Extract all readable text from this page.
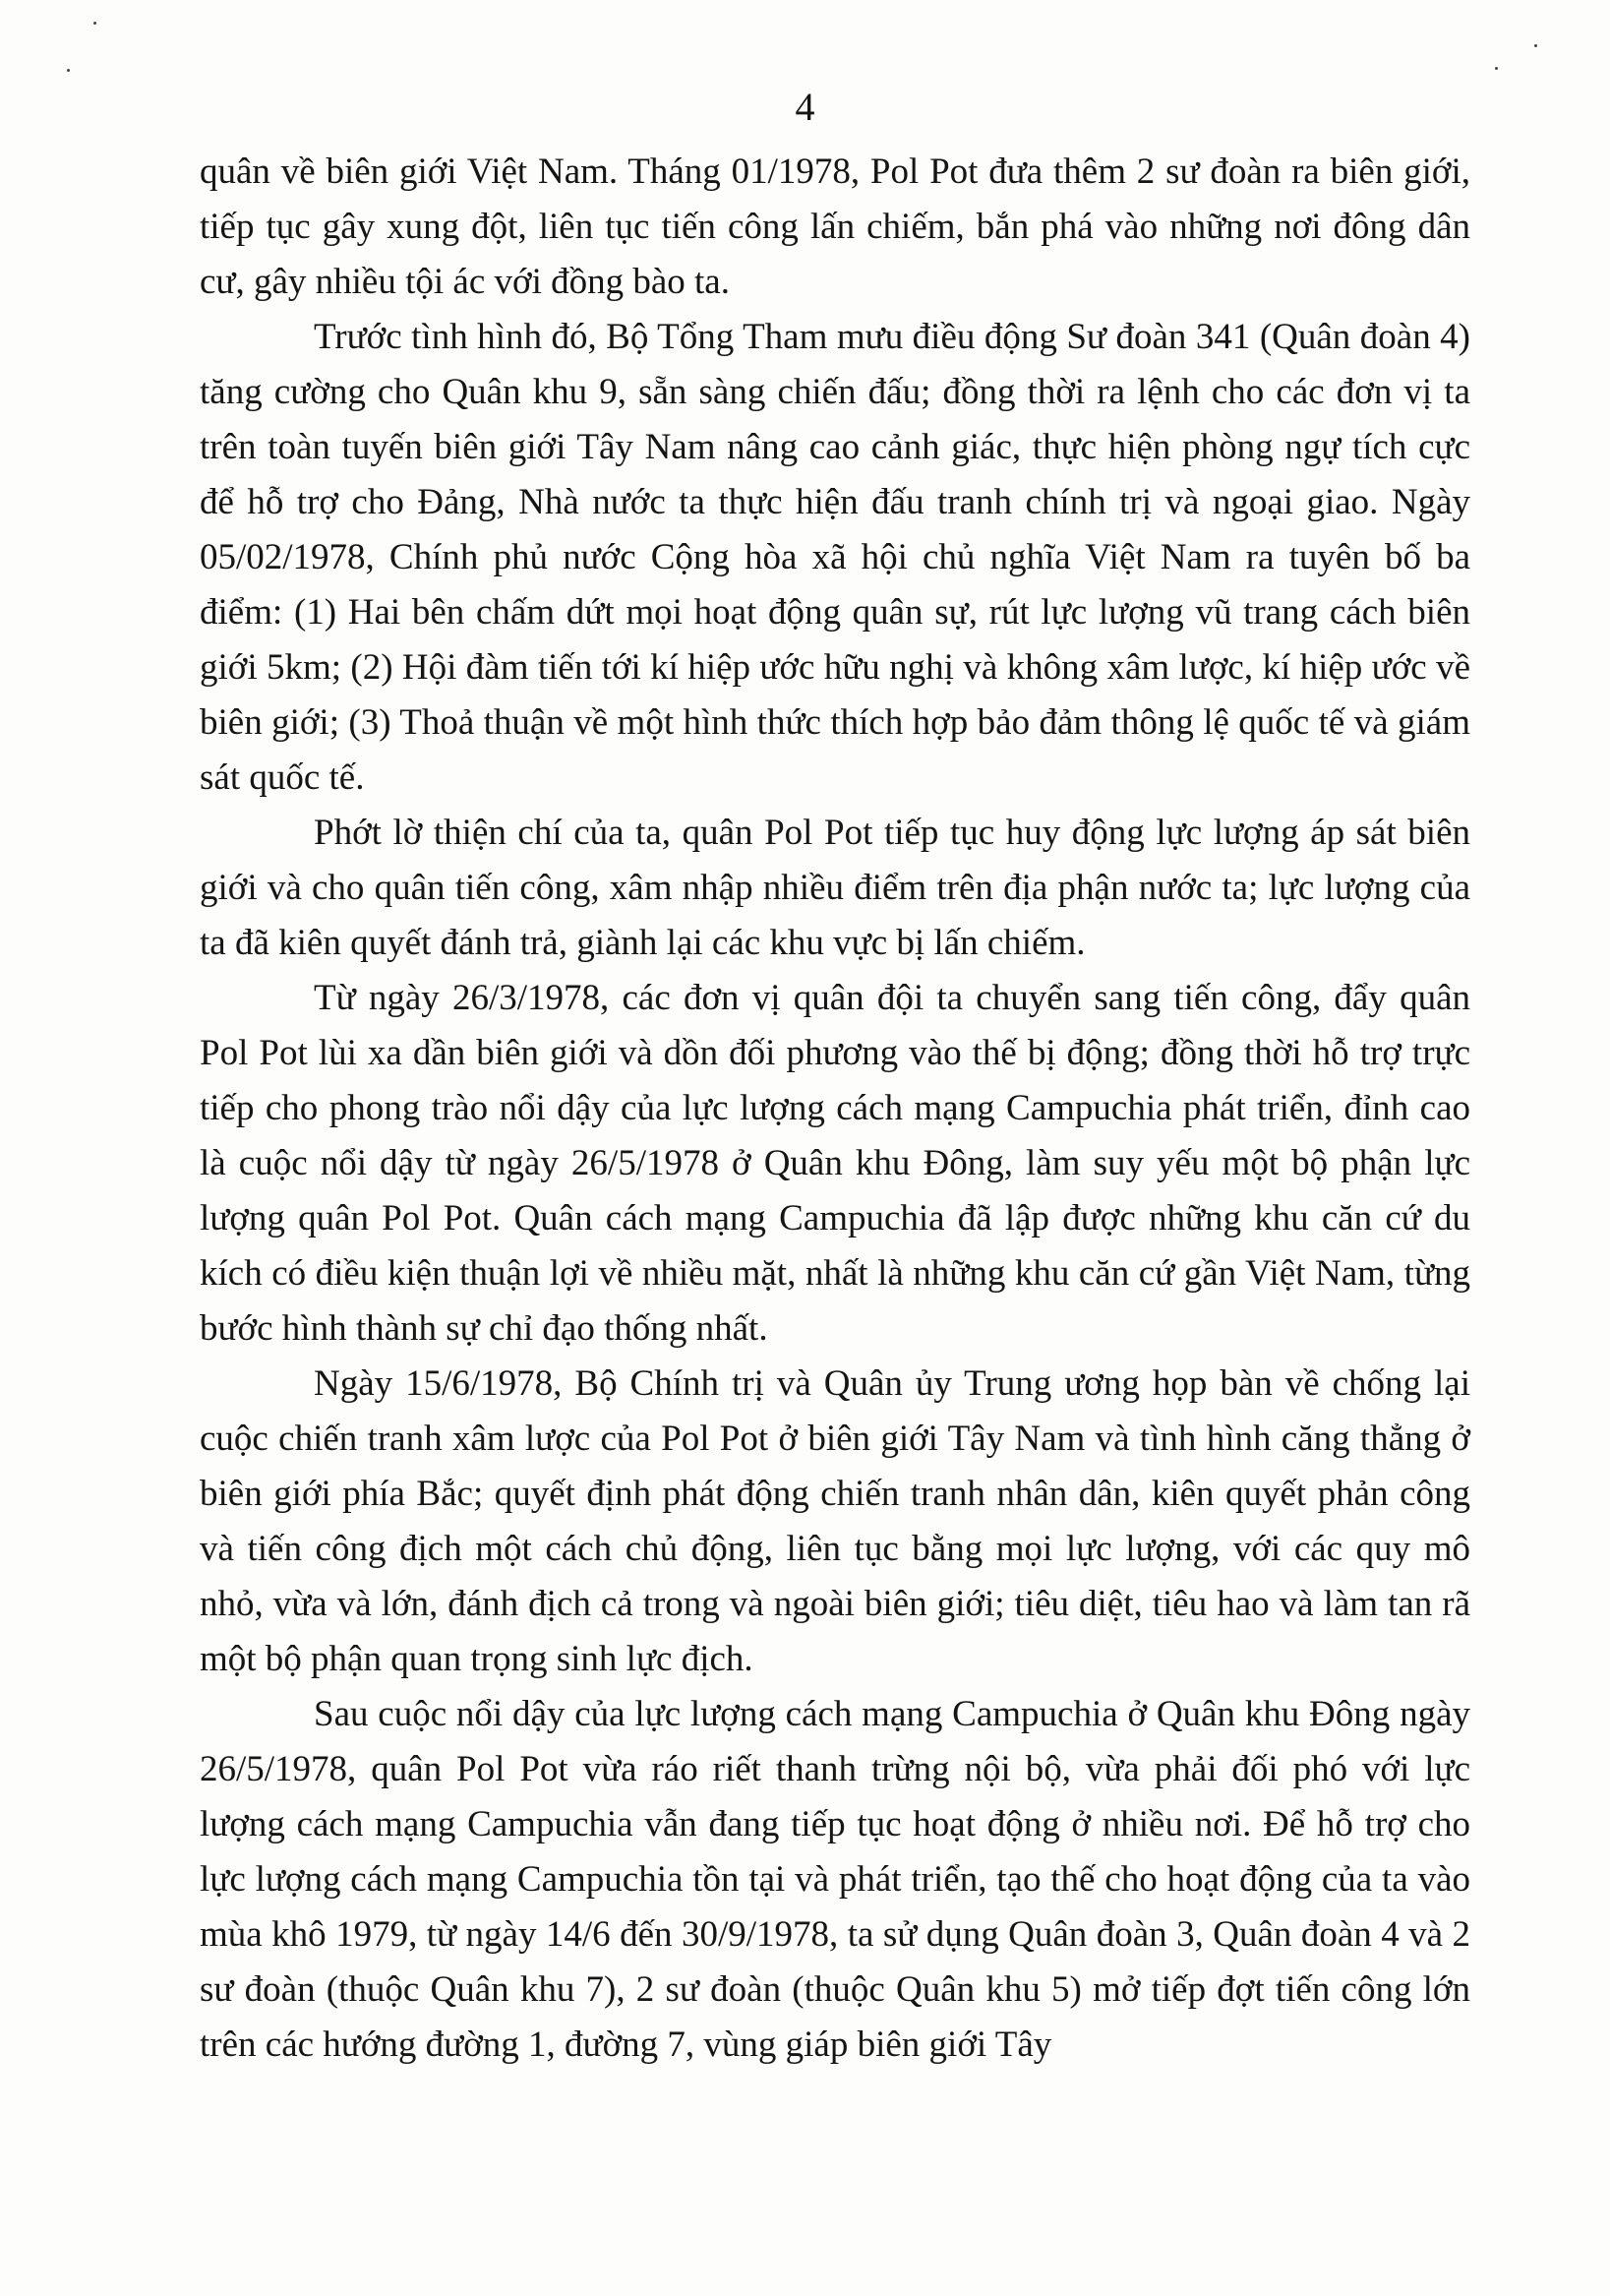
4

quân về biên giới Việt Nam. Tháng 01/1978, Pol Pot đưa thêm 2 sư đoàn ra biên giới, tiếp tục gây xung đột, liên tục tiến công lấn chiếm, bắn phá vào những nơi đông dân cư, gây nhiều tội ác với đồng bào ta.

Trước tình hình đó, Bộ Tổng Tham mưu điều động Sư đoàn 341 (Quân đoàn 4) tăng cường cho Quân khu 9, sẵn sàng chiến đấu; đồng thời ra lệnh cho các đơn vị ta trên toàn tuyến biên giới Tây Nam nâng cao cảnh giác, thực hiện phòng ngự tích cực để hỗ trợ cho Đảng, Nhà nước ta thực hiện đấu tranh chính trị và ngoại giao. Ngày 05/02/1978, Chính phủ nước Cộng hòa xã hội chủ nghĩa Việt Nam ra tuyên bố ba điểm: (1) Hai bên chấm dứt mọi hoạt động quân sự, rút lực lượng vũ trang cách biên giới 5km; (2) Hội đàm tiến tới kí hiệp ước hữu nghị và không xâm lược, kí hiệp ước về biên giới; (3) Thoả thuận về một hình thức thích hợp bảo đảm thông lệ quốc tế và giám sát quốc tế.

Phớt lờ thiện chí của ta, quân Pol Pot tiếp tục huy động lực lượng áp sát biên giới và cho quân tiến công, xâm nhập nhiều điểm trên địa phận nước ta; lực lượng của ta đã kiên quyết đánh trả, giành lại các khu vực bị lấn chiếm.

Từ ngày 26/3/1978, các đơn vị quân đội ta chuyển sang tiến công, đẩy quân Pol Pot lùi xa dần biên giới và dồn đối phương vào thế bị động; đồng thời hỗ trợ trực tiếp cho phong trào nổi dậy của lực lượng cách mạng Campuchia phát triển, đỉnh cao là cuộc nổi dậy từ ngày 26/5/1978 ở Quân khu Đông, làm suy yếu một bộ phận lực lượng quân Pol Pot. Quân cách mạng Campuchia đã lập được những khu căn cứ du kích có điều kiện thuận lợi về nhiều mặt, nhất là những khu căn cứ gần Việt Nam, từng bước hình thành sự chỉ đạo thống nhất.

Ngày 15/6/1978, Bộ Chính trị và Quân ủy Trung ương họp bàn về chống lại cuộc chiến tranh xâm lược của Pol Pot ở biên giới Tây Nam và tình hình căng thẳng ở biên giới phía Bắc; quyết định phát động chiến tranh nhân dân, kiên quyết phản công và tiến công địch một cách chủ động, liên tục bằng mọi lực lượng, với các quy mô nhỏ, vừa và lớn, đánh địch cả trong và ngoài biên giới; tiêu diệt, tiêu hao và làm tan rã một bộ phận quan trọng sinh lực địch.

Sau cuộc nổi dậy của lực lượng cách mạng Campuchia ở Quân khu Đông ngày 26/5/1978, quân Pol Pot vừa ráo riết thanh trừng nội bộ, vừa phải đối phó với lực lượng cách mạng Campuchia vẫn đang tiếp tục hoạt động ở nhiều nơi. Để hỗ trợ cho lực lượng cách mạng Campuchia tồn tại và phát triển, tạo thế cho hoạt động của ta vào mùa khô 1979, từ ngày 14/6 đến 30/9/1978, ta sử dụng Quân đoàn 3, Quân đoàn 4 và 2 sư đoàn (thuộc Quân khu 7), 2 sư đoàn (thuộc Quân khu 5) mở tiếp đợt tiến công lớn trên các hướng đường 1, đường 7, vùng giáp biên giới Tây
